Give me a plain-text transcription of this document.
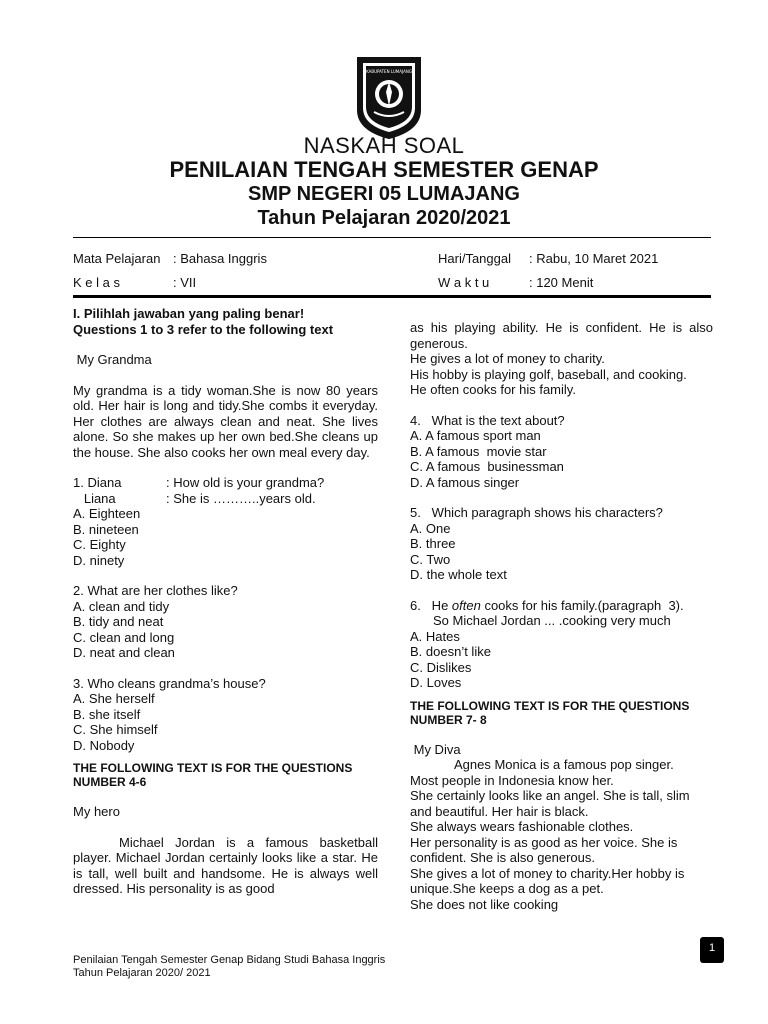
KABUPATEN LUMAJANG
NASKAH SOAL
PENILAIAN TENGAH SEMESTER GENAP
SMP NEGERI 05 LUMAJANG
Tahun Pelajaran 2020/2021
Mata Pelajaran : Bahasa Inggris	Hari/Tanggal : Rabu, 10 Maret 2021
K e l a s	: VII	W a k t u	: 120 Menit

I. Pilihlah jawaban yang paling benar!

Questions 1 to 3 refer to the following text

My Grandma

My grandma is a tidy woman.She is now 80 years old. Her hair is long and tidy.She combs it everyday. Her clothes are always clean and neat. She lives alone. So she makes up her own bed.She cleans up the house. She also cooks her own meal every day.

1. Diana	: How old is your grandma?
Liana	: She is ………..years old.

A. Eighteen

B. nineteen

C. Eighty

D. ninety

2. What are her clothes like?

A. clean and tidy

B. tidy and neat

C. clean and long

D. neat and clean

3. Who cleans grandma’s house?

A. She herself

B. she itself

C. She himself

D. Nobody

THE FOLLOWING TEXT IS FOR THE QUESTIONS

NUMBER 4-6

My hero

Michael Jordan is a famous basketball player. Michael Jordan certainly looks like a star. He is tall, well built and handsome. He is always well dressed. His personality is as good

as his playing ability. He is confident. He is also generous.

He gives a lot of money to charity.

His hobby is playing golf, baseball, and cooking.

He often cooks for his family.

4.   What is the text about?

A. A famous sport man

B. A famous  movie star

C. A famous  businessman

D. A famous singer

5.   Which paragraph shows his characters?

A. One

B. three

C. Two

D. the whole text

6.   He often cooks for his family.(paragraph  3).

So Michael Jordan ... .cooking very much

A. Hates

B. doesn’t like

C. Dislikes

D. Loves

THE FOLLOWING TEXT IS FOR THE QUESTIONS

NUMBER 7- 8

My Diva

Agnes Monica is a famous pop singer.

Most people in Indonesia know her.

She certainly looks like an angel. She is tall, slim and beautiful. Her hair is black.

She always wears fashionable clothes.

Her personality is as good as her voice. She is confident. She is also generous.

She gives a lot of money to charity.Her hobby is unique.She keeps a dog as a pet.

She does not like cooking

Penilaian Tengah Semester Genap Bidang Studi Bahasa Inggris
Tahun Pelajaran 2020/ 2021
1
